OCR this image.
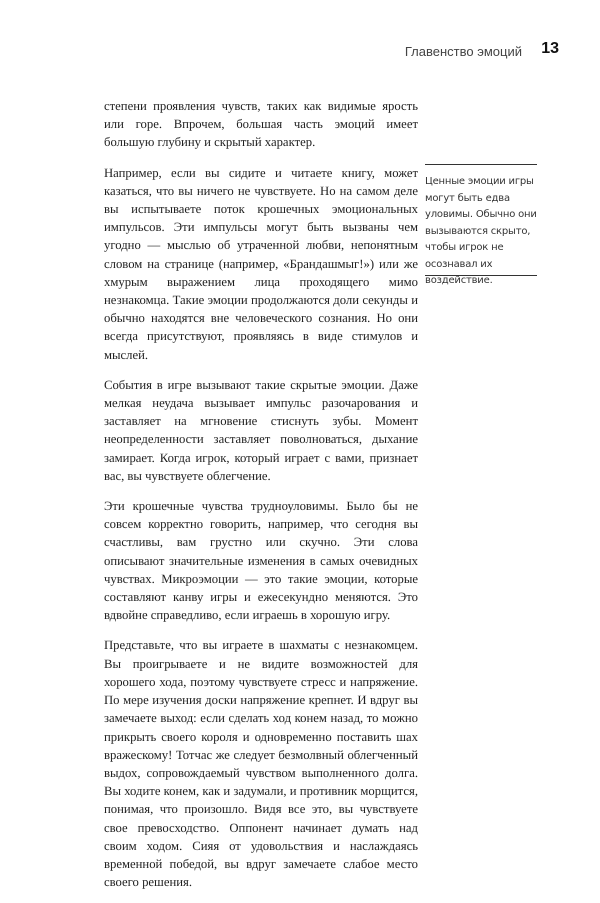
Главенство эмоций 13

степени проявления чувств, таких как видимые ярость или горе. Впрочем, большая часть эмоций имеет большую глубину и скрытый характер.

Например, если вы сидите и читаете книгу, может казаться, что вы ничего не чувствуете. Но на самом деле вы испытываете поток крошечных эмоциональных импульсов. Эти импульсы могут быть вызваны чем угодно — мыслью об утраченной любви, непонятным словом на странице (например, «Брандашмыг!») или же хмурым выражением лица проходящего мимо незнакомца. Такие эмоции продолжаются доли секунды и обычно находятся вне человеческого сознания. Но они всегда присутствуют, проявляясь в виде стимулов и мыслей.

События в игре вызывают такие скрытые эмоции. Даже мелкая неудача вызывает импульс разочарования и заставляет на мгновение стиснуть зубы. Момент неопределенности заставляет поволноваться, дыхание замирает. Когда игрок, который играет с вами, признает вас, вы чувствуете облегчение.

Эти крошечные чувства трудноуловимы. Было бы не совсем корректно говорить, например, что сегодня вы счастливы, вам грустно или скучно. Эти слова описывают значительные изменения в самых очевидных чувствах. Микроэмоции — это такие эмоции, которые составляют канву игры и ежесекундно меняются. Это вдвойне справедливо, если играешь в хорошую игру.

Представьте, что вы играете в шахматы с незнакомцем. Вы проигрываете и не видите возможностей для хорошего хода, поэтому чувствуете стресс и напряжение. По мере изучения доски напряжение крепнет. И вдруг вы замечаете выход: если сделать ход конем назад, то можно прикрыть своего короля и одновременно поставить шах вражескому! Тотчас же следует безмолвный облегченный выдох, сопровождаемый чувством выполненного долга. Вы ходите конем, как и задумали, и противник морщится, понимая, что произошло. Видя все это, вы чувствуете свое превосходство. Оппонент начинает думать над своим ходом. Сияя от удовольствия и наслаждаясь временной победой, вы вдруг замечаете слабое место своего решения.

Ценные эмоции игры могут быть едва уловимы. Обычно они вызываются скрыто, чтобы игрок не осознавал их воздействие.
